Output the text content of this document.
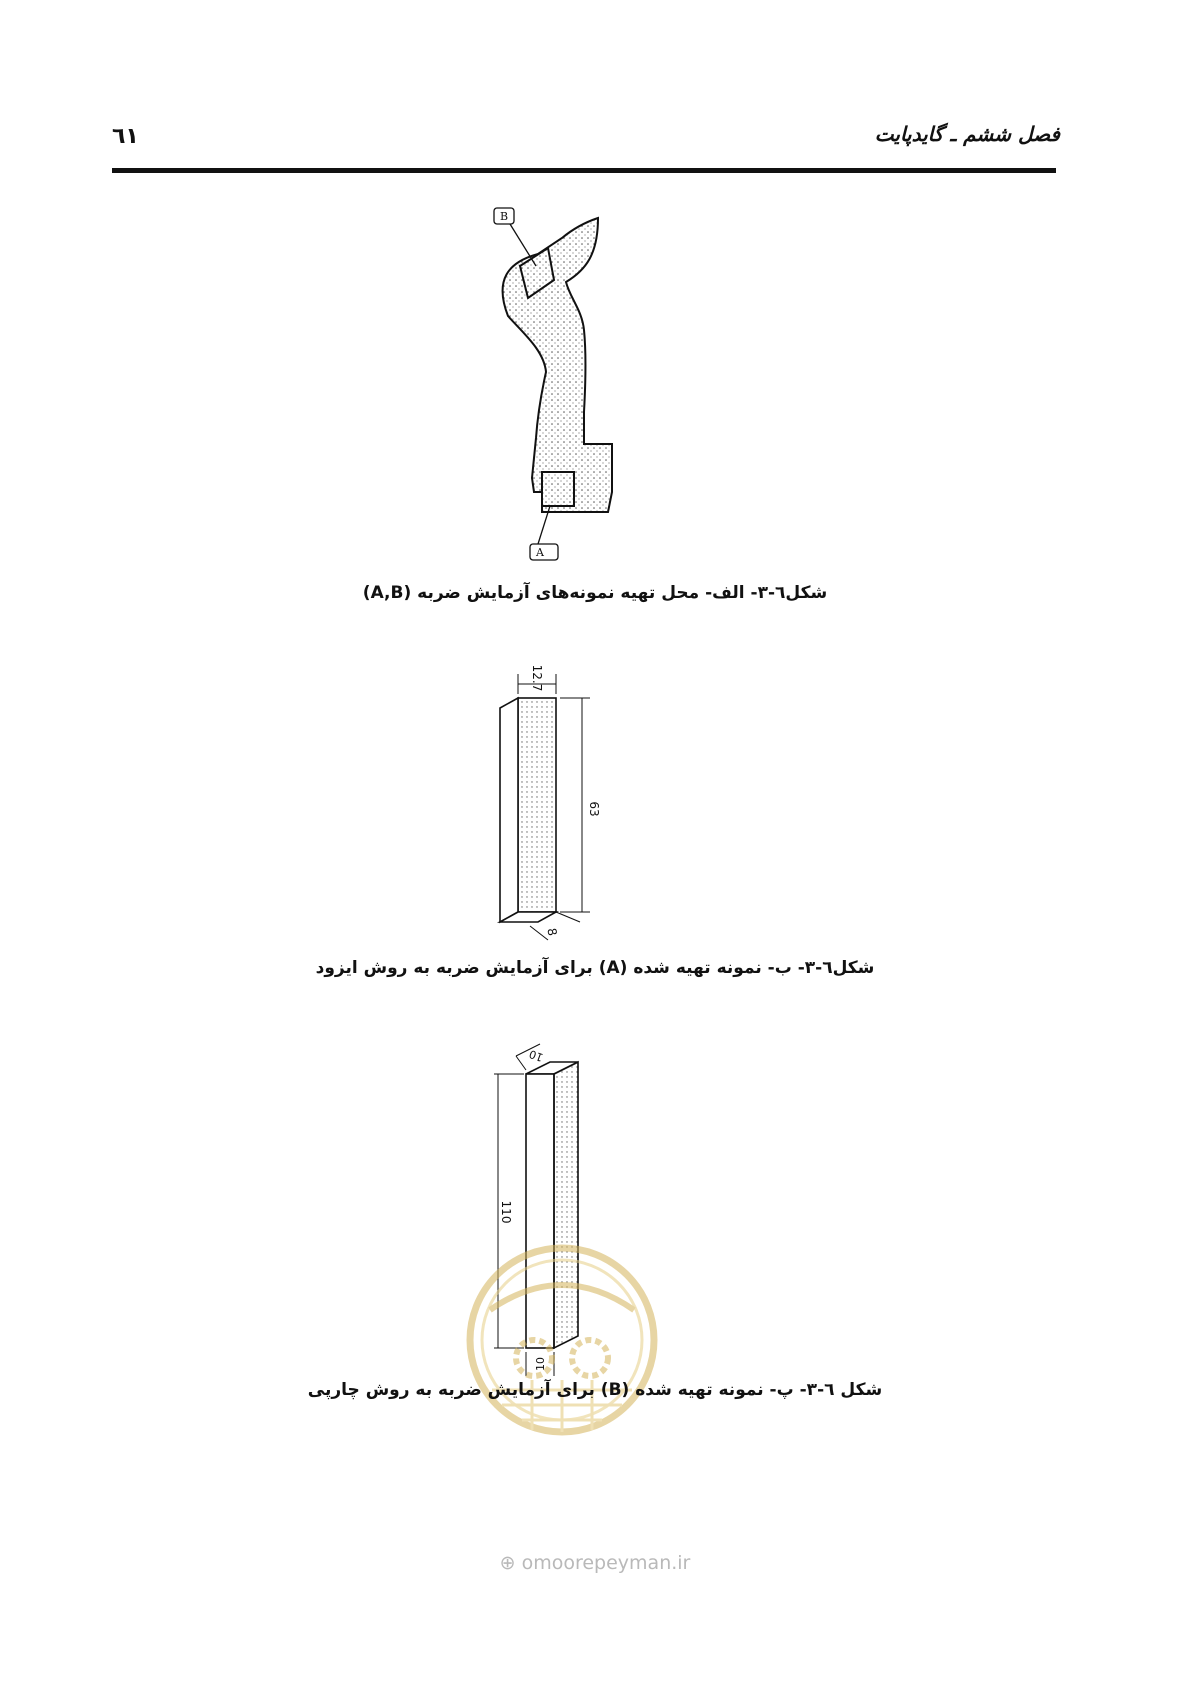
فصل ششم ـ گایدپایت
٦١
B
A
شکل٦-۳- الف- محل تهیه نمونه‌های آزمایش ضربه (A,B)
12.7
63
8
شکل٦-۳- ب- نمونه تهیه شده (A) برای آزمایش ضربه به روش ایزود
10
110
10
شکل ٦-۳- پ- نمونه تهیه شده (B) برای آزمایش ضربه به روش چارپی
⊕ omoorepeyman.ir
